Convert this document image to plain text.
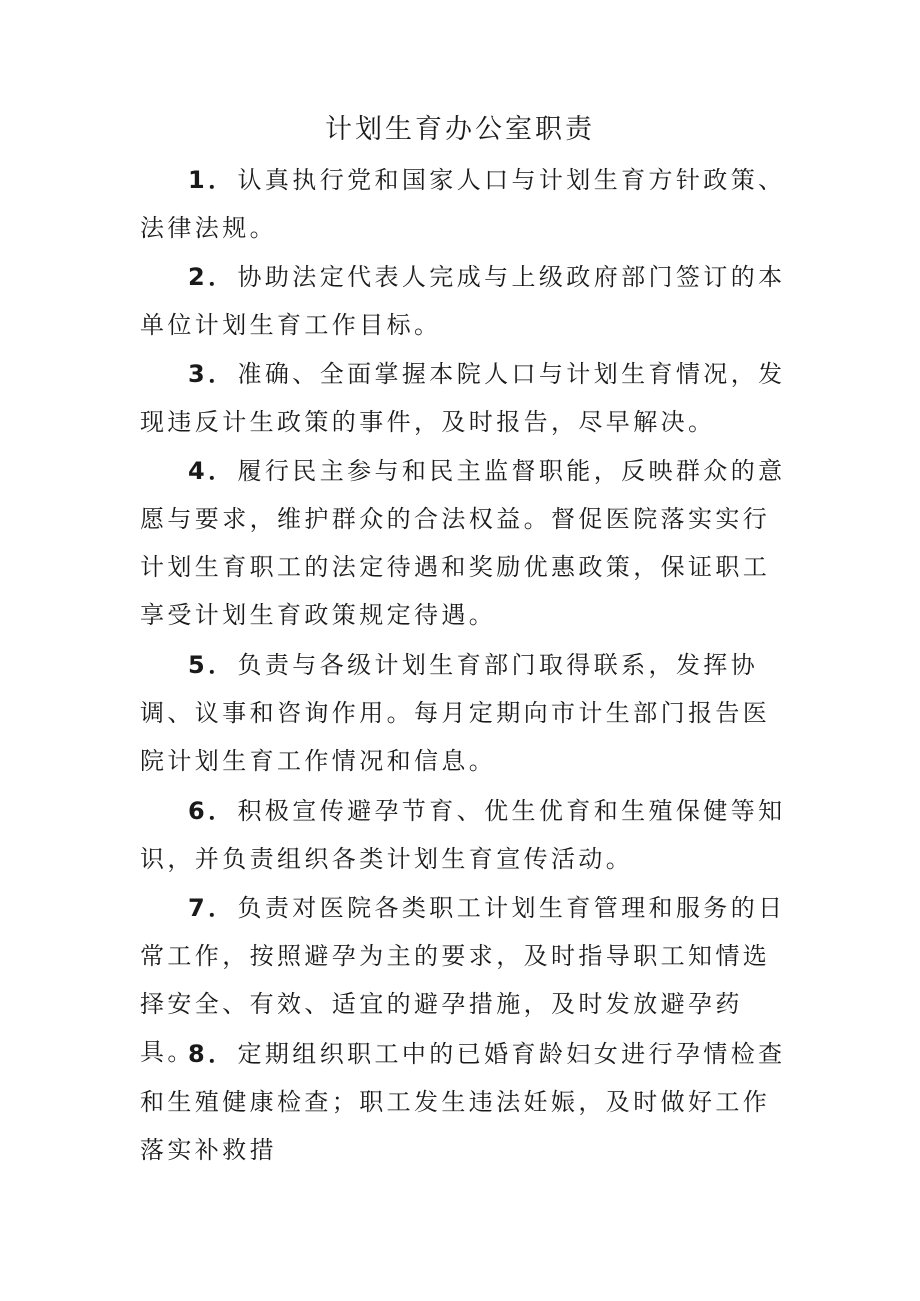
计划生育办公室职责

1．认真执行党和国家人口与计划生育方针政策、法律法规。

2．协助法定代表人完成与上级政府部门签订的本单位计划生育工作目标。

3．准确、全面掌握本院人口与计划生育情况，发现违反计生政策的事件，及时报告，尽早解决。

4．履行民主参与和民主监督职能，反映群众的意愿与要求，维护群众的合法权益。督促医院落实实行计划生育职工的法定待遇和奖励优惠政策，保证职工享受计划生育政策规定待遇。

5．负责与各级计划生育部门取得联系，发挥协调、议事和咨询作用。每月定期向市计生部门报告医院计划生育工作情况和信息。

6．积极宣传避孕节育、优生优育和生殖保健等知识，并负责组织各类计划生育宣传活动。

7．负责对医院各类职工计划生育管理和服务的日常工作，按照避孕为主的要求，及时指导职工知情选择安全、有效、适宜的避孕措施，及时发放避孕药具。

8．定期组织职工中的已婚育龄妇女进行孕情检查和生殖健康检查；职工发生违法妊娠，及时做好工作落实补救措
